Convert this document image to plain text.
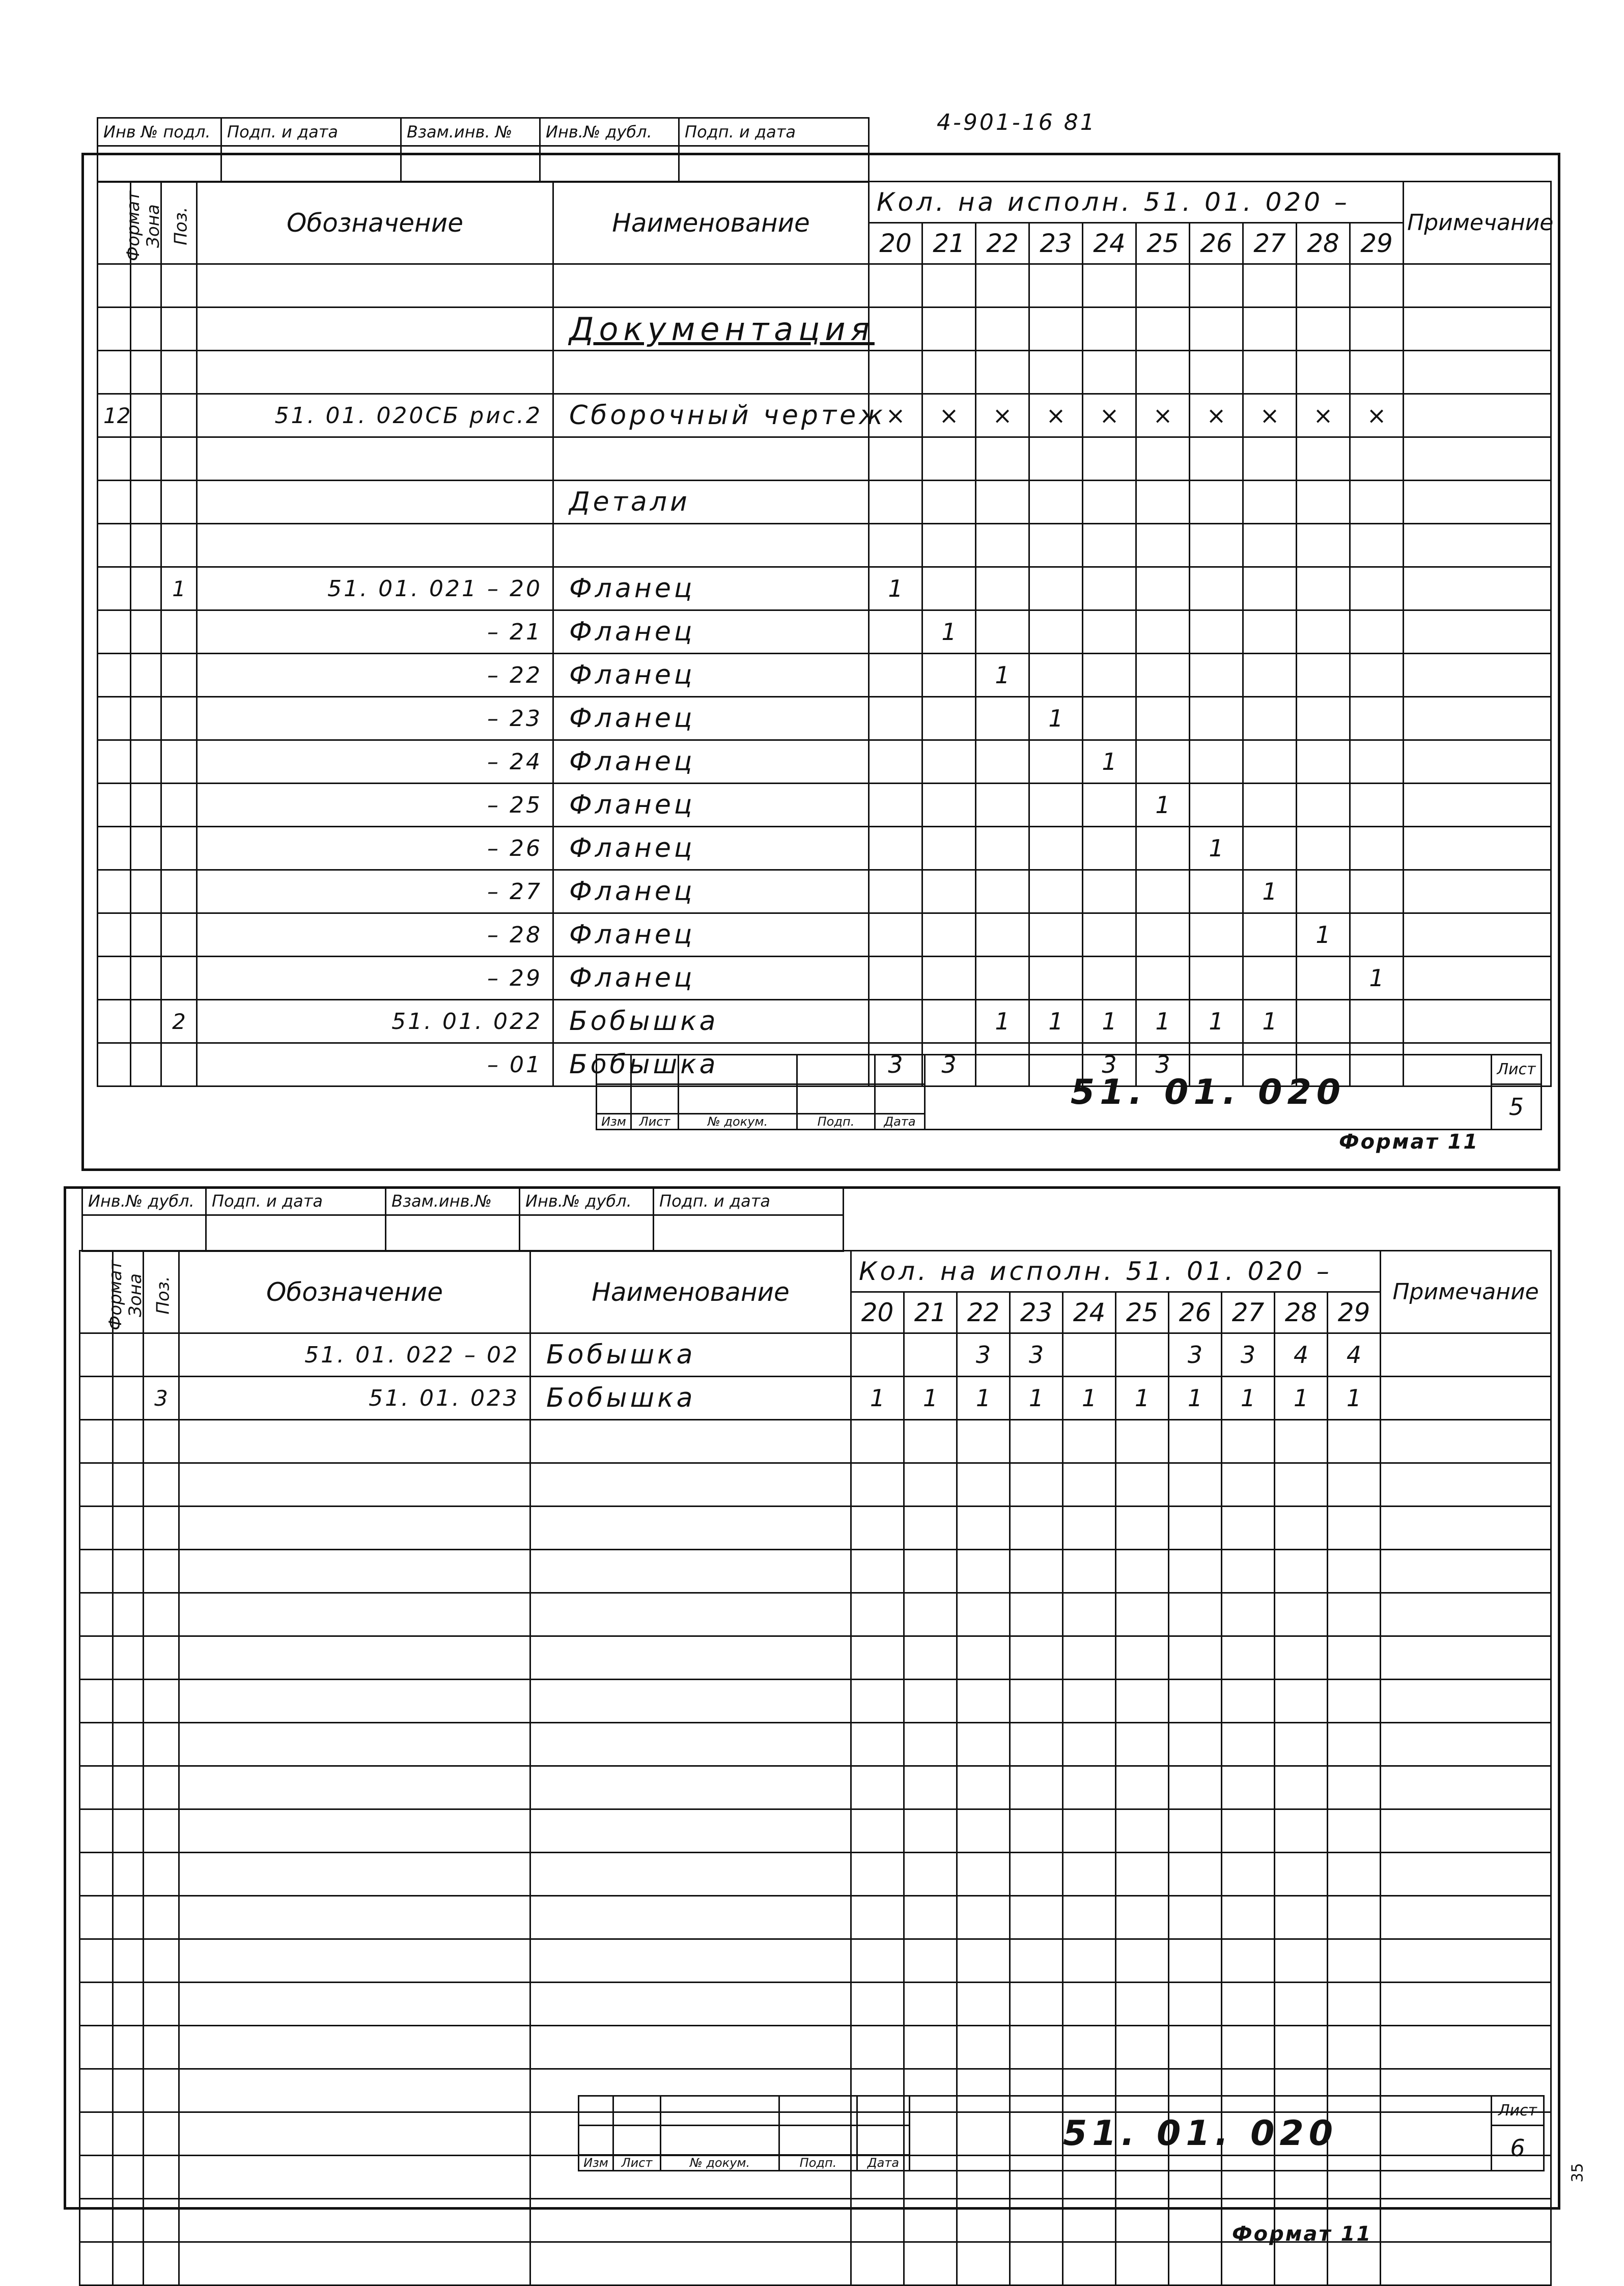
4-901-16 81
Инв № подл.	Подп. и дата	Взам.инв. №	Инв.№ дубл.	Подп. и дата

Формат	Зона	Поз.	Обозначение	Наименование	Кол. на исполн. 51. 01. 020 –										Примечание
					20	21	22	23	24	25	26	27	28	29	

				Документация											

12			51. 01. 020СБ рис.2	Сборочный чертеж	×	×	×	×	×	×	×	×	×	×	

				Детали											

		1	51. 01. 021 – 20	Фланец	1										
			– 21	Фланец		1									
			– 22	Фланец			1								
			– 23	Фланец				1							
			– 24	Фланец					1						
			– 25	Фланец						1					
			– 26	Фланец							1				
			– 27	Фланец								1			
			– 28	Фланец									1		
			– 29	Фланец										1	
		2	51. 01. 022	Бобышка			1	1	1	1	1	1			
			– 01	Бобышка	3	3			3	3					
					51. 01. 020	Лист
						5
Изм	Лист	№ докум.	Подп.	Дата		
Формат 11
Инв.№ дубл.	Подп. и дата	Взам.инв.№	Инв.№ дубл.	Подп. и дата

Формат	Зона	Поз.	Обозначение	Наименование	Кол. на исполн. 51. 01. 020 –										Примечание
					20	21	22	23	24	25	26	27	28	29	
			51. 01. 022 – 02	Бобышка			3	3			3	3	4	4	
		3	51. 01. 023	Бобышка	1	1	1	1	1	1	1	1	1	1	

					51. 01. 020	Лист
						6
Изм	Лист	№ докум.	Подп.	Дата		
Формат 11
35
